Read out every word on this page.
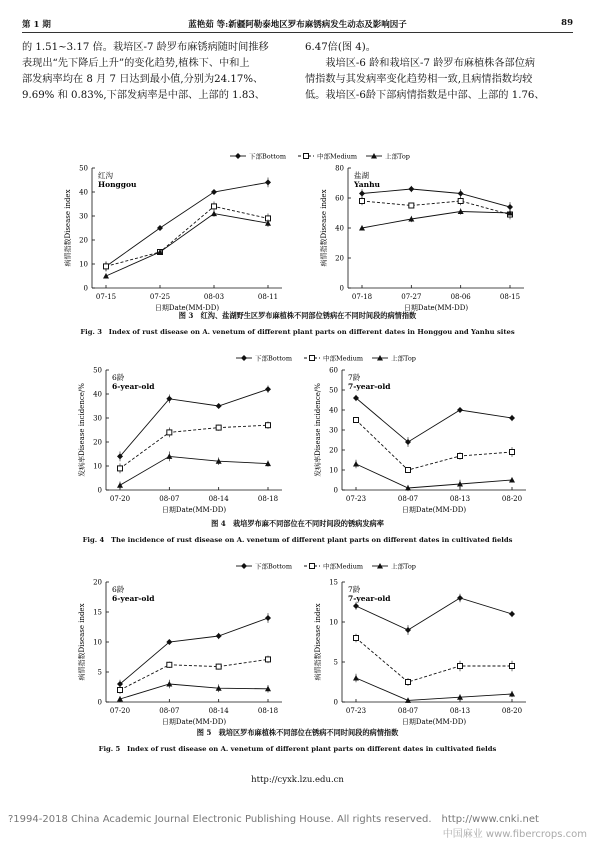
第 1 期	蓝艳茹 等:新疆阿勒泰地区罗布麻锈病发生动态及影响因子	89

的 1.51~3.17 倍。栽培区-7 龄罗布麻锈病随时间推移

表现出“先下降后上升”的变化趋势,植株下、中和上

部发病率均在 8 月 7 日达到最小值,分别为24.17%、

9.69% 和 0.83%,下部发病率是中部、上部的 1.83、

6.47倍(图 4)。

　　栽培区-6 龄和栽培区-7 龄罗布麻植株各部位病

情指数与其发病率变化趋势相一致,且病情指数均较

低。栽培区-6龄下部病情指数是中部、上部的 1.76、

0
10
20
30
40
50
07-15	07-25	08-03	08-11
日期Date(MM-DD)
病情指数Disease index
红沟
Honggou
0
20
40
60
80
07-18	07-27	08-06	08-15
日期Date(MM-DD)
病情指数Disease index
盐湖
Yanhu
下部Bottom	中部Medium	上部Top
图 3　红沟、盐湖野生区罗布麻植株不同部位锈病在不同时间段的病情指数
Fig. 3　Index of rust disease on A. venetum of different plant parts on different dates in Honggou and Yanhu sites
0
10
20
30
40
50
07-20	08-07	08-14	08-18
日期Date(MM-DD)
发病率Disease incidence/%
6龄
6-year-old
0
10
20
30
40
50
60
07-23	08-07	08-13	08-20
日期Date(MM-DD)
发病率Disease incidence/%
7龄
7-year-old
下部Bottom	中部Medium	上部Top
图 4　栽培罗布麻不同部位在不同时间段的锈病发病率
Fig. 4　The incidence of rust disease on A. venetum of different plant parts on different dates in cultivated fields
0
5
10
15
20
07-20	08-07	08-14	08-18
日期Date(MM-DD)
病情指数Disease index
6龄
6-year-old
0
5
10
15
07-23	08-07	08-13	08-20
日期Date(MM-DD)
病情指数Disease index
7龄
7-year-old
下部Bottom	中部Medium	上部Top
图 5　栽培区罗布麻植株不同部位在锈病不同时间段的病情指数
Fig. 5　Index of rust disease on A. venetum of different plant parts on different dates in cultivated fields
http://cyxk.lzu.edu.cn
?1994-2018 China Academic Journal Electronic Publishing House. All rights reserved.　http://www.cnki.net
中国麻业 www.fibercrops.com
